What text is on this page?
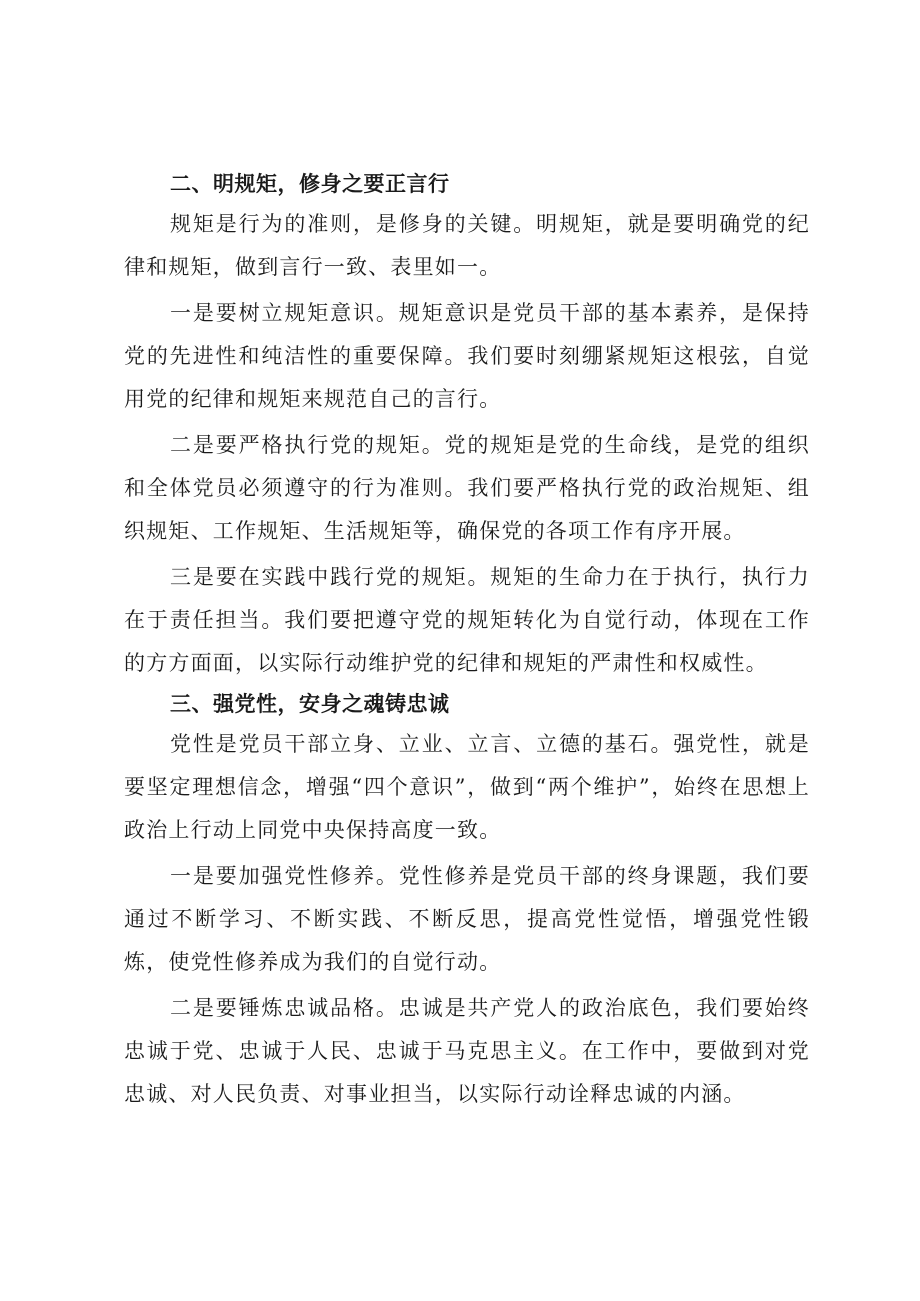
二、明规矩，修身之要正言行

规矩是行为的准则，是修身的关键。明规矩，就是要明确党的纪律和规矩，做到言行一致、表里如一。

一是要树立规矩意识。规矩意识是党员干部的基本素养，是保持党的先进性和纯洁性的重要保障。我们要时刻绷紧规矩这根弦，自觉用党的纪律和规矩来规范自己的言行。

二是要严格执行党的规矩。党的规矩是党的生命线，是党的组织和全体党员必须遵守的行为准则。我们要严格执行党的政治规矩、组织规矩、工作规矩、生活规矩等，确保党的各项工作有序开展。

三是要在实践中践行党的规矩。规矩的生命力在于执行，执行力在于责任担当。我们要把遵守党的规矩转化为自觉行动，体现在工作的方方面面，以实际行动维护党的纪律和规矩的严肃性和权威性。

三、强党性，安身之魂铸忠诚

党性是党员干部立身、立业、立言、立德的基石。强党性，就是要坚定理想信念，增强“四个意识”，做到“两个维护”，始终在思想上政治上行动上同党中央保持高度一致。

一是要加强党性修养。党性修养是党员干部的终身课题，我们要通过不断学习、不断实践、不断反思，提高党性觉悟，增强党性锻炼，使党性修养成为我们的自觉行动。

二是要锤炼忠诚品格。忠诚是共产党人的政治底色，我们要始终忠诚于党、忠诚于人民、忠诚于马克思主义。在工作中，要做到对党忠诚、对人民负责、对事业担当，以实际行动诠释忠诚的内涵。
